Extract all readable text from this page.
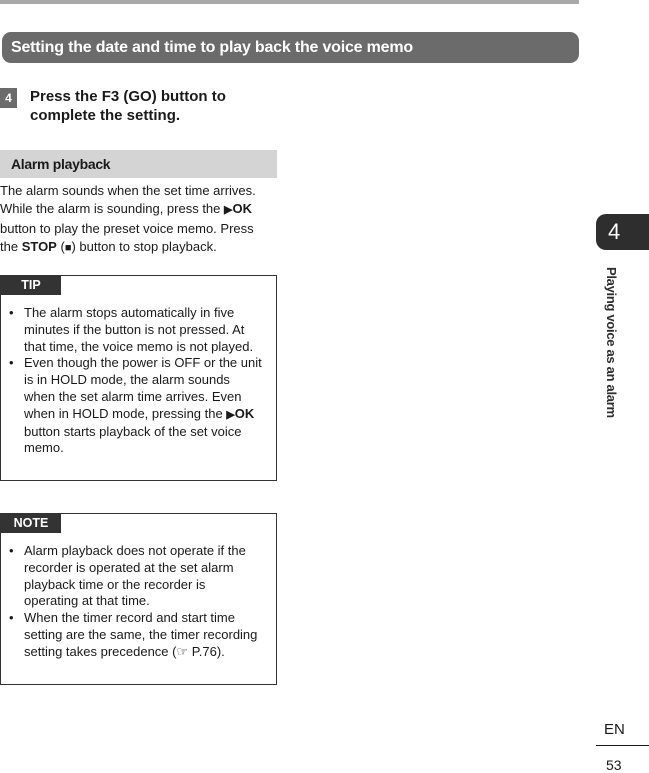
Setting the date and time to play back the voice memo
4	Press the F3 (GO) button to complete the setting.
Alarm playback
The alarm sounds when the set time arrives. While the alarm is sounding, press the ▶OK button to play the preset voice memo. Press the STOP (■) button to stop playback.
TIP
• The alarm stops automatically in five minutes if the button is not pressed. At that time, the voice memo is not played.
• Even though the power is OFF or the unit is in HOLD mode, the alarm sounds when the set alarm time arrives. Even when in HOLD mode, pressing the ▶OK button starts playback of the set voice memo.
NOTE
• Alarm playback does not operate if the recorder is operated at the set alarm playback time or the recorder is operating at that time.
• When the timer record and start time setting are the same, the timer recording setting takes precedence (☞ P.76).
4
Playing voice as an alarm
EN
53
